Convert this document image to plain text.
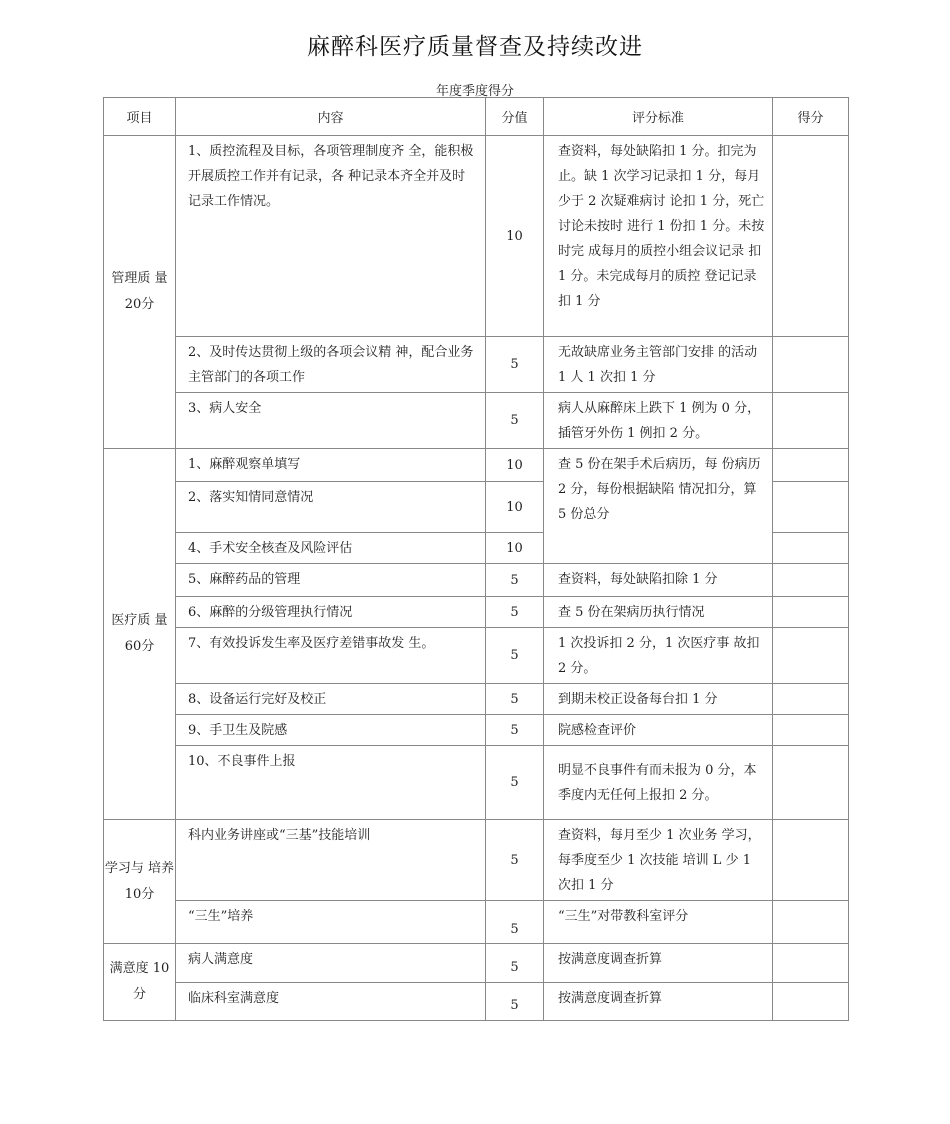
麻醉科医疗质量督查及持续改进
年度季度得分
项目	内容	分值	评分标准	得分
管理质 量 20分	1、质控流程及目标，各项管理制度齐 全，能积极开展质控工作并有记录，各 种记录本齐全并及时记录工作情况。	10	查资料，每处缺陷扣 1 分。扣完为止。缺 1 次学习记录扣 1 分，每月少于 2 次疑难病讨 论扣 1 分，死亡讨论未按时 进行 1 份扣 1 分。未按时完 成每月的质控小组会议记录 扣 1 分。未完成每月的质控 登记记录扣 1 分	
	2、及时传达贯彻上级的各项会议精 神，配合业务主管部门的各项工作	5	无故缺席业务主管部门安排 的活动 1 人 1 次扣 1 分	
	3、病人安全	5	病人从麻醉床上跌下 1 例为 0 分，插管牙外伤 1 例扣 2 分。	
医疗质 量 60分	1、麻醉观察单填写	10	查 5 份在架手术后病历，每 份病历 2 分，每份根据缺陷 情况扣分，算 5 份总分	
	2、落实知情同意情况	10		
	4、手术安全核查及风险评估	10		
	5、麻醉药品的管理	5	查资料，每处缺陷扣除 1 分	
	6、麻醉的分级管理执行情况	5	查 5 份在架病历执行情况	
	7、有效投诉发生率及医疗差错事故发 生。	5	1 次投诉扣 2 分，1 次医疗事 故扣 2 分。	
	8、设备运行完好及校正	5	到期未校正设备每台扣 1 分	
	9、手卫生及院感	5	院感检查评价	
	10、不良事件上报	5	明显不良事件有而未报为 0 分，本季度内无任何上报扣 2 分。	
学习与 培养 10分	科内业务讲座或“三基”技能培训	5	查资料，每月至少 1 次业务 学习，每季度至少 1 次技能 培训 L 少 1 次扣 1 分	
	“三生”培养	5	“三生”对带教科室评分	
满意度 10 分	病人满意度	5	按满意度调查折算	
	临床科室满意度	5	按满意度调查折算	
